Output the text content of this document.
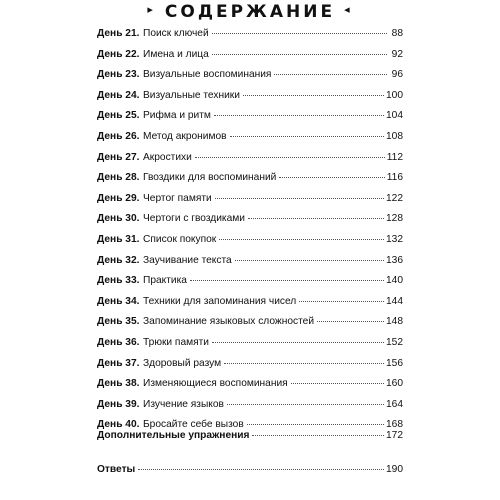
▸ СОДЕРЖАНИЕ ◂
День 21. Поиск ключей	88
День 22. Имена и лица	92
День 23. Визуальные воспоминания	96
День 24. Визуальные техники	100
День 25. Рифма и ритм	104
День 26. Метод акронимов	108
День 27. Акростихи	112
День 28. Гвоздики для воспоминаний	116
День 29. Чертог памяти	122
День 30. Чертоги с гвоздиками	128
День 31. Список покупок	132
День 32. Заучивание текста	136
День 33. Практика	140
День 34. Техники для запоминания чисел	144
День 35. Запоминание языковых сложностей	148
День 36. Трюки памяти	152
День 37. Здоровый разум	156
День 38. Изменяющиеся воспоминания	160
День 39. Изучение языков	164
День 40. Бросайте себе вызов	168
Дополнительные упражнения	172
Ответы	190
